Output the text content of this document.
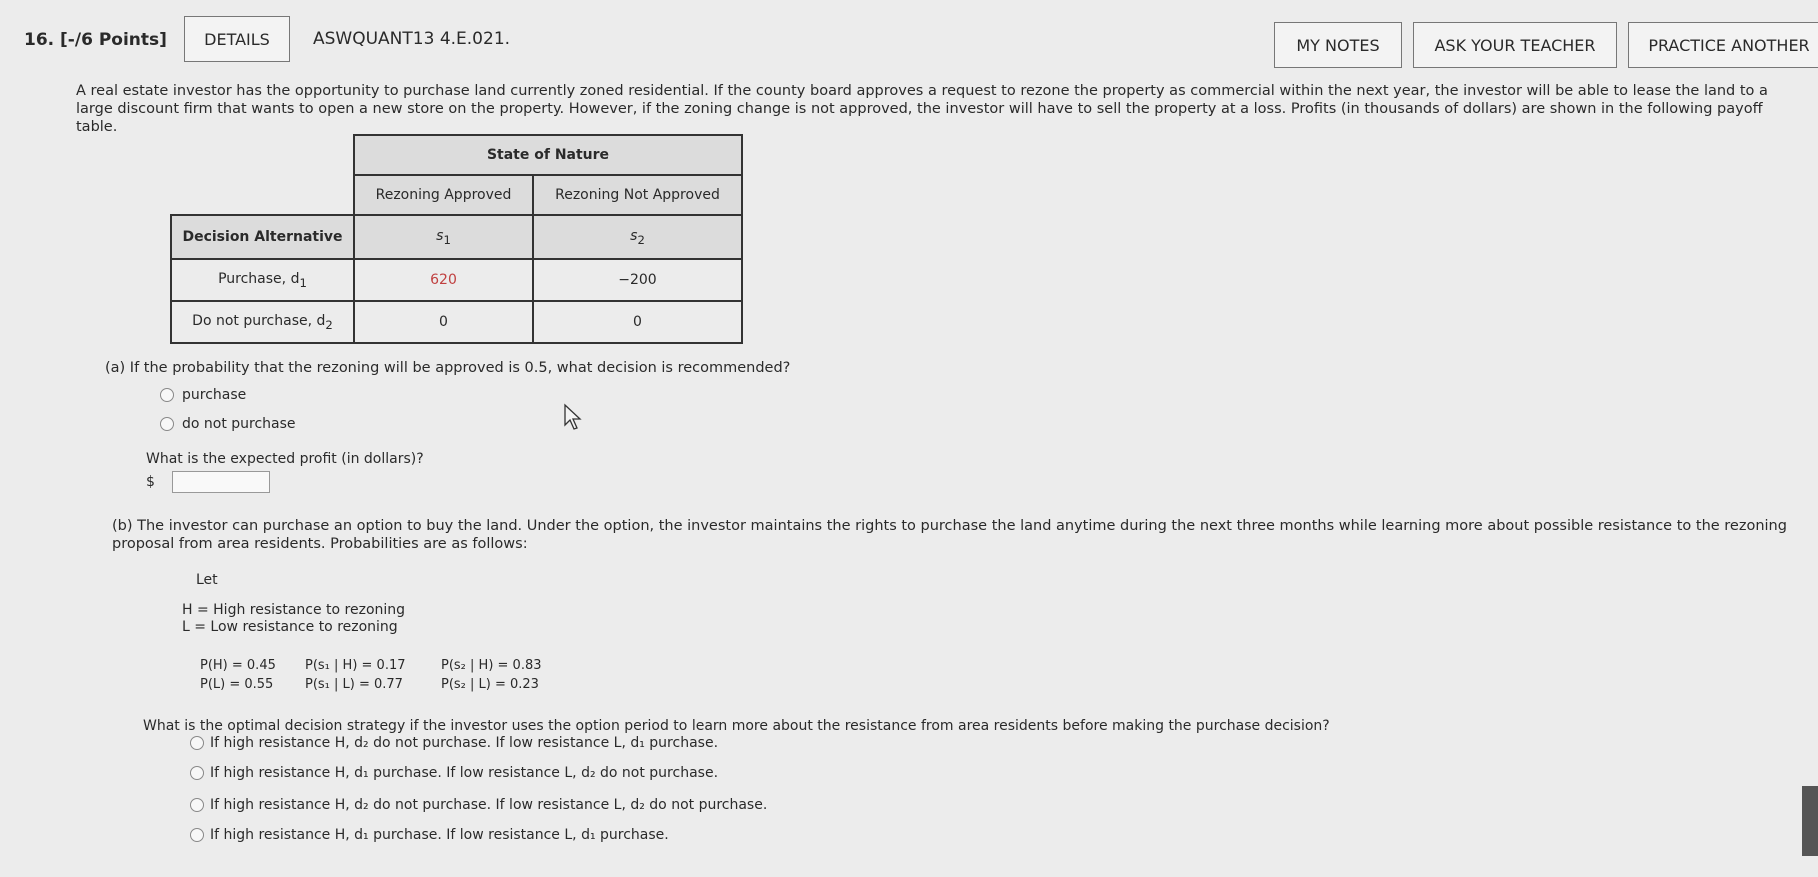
16. [-/6 Points]	DETAILS	ASWQUANT13 4.E.021.	MY NOTES	ASK YOUR TEACHER	PRACTICE ANOTHER
A real estate investor has the opportunity to purchase land currently zoned residential. If the county board approves a request to rezone the property as commercial within the next year, the investor will be able to lease the land to a large discount firm that wants to open a new store on the property. However, if the zoning change is not approved, the investor will have to sell the property at a loss. Profits (in thousands of dollars) are shown in the following payoff table.
	State of Nature	
	Rezoning Approved	Rezoning Not Approved
Decision Alternative	$s_1$	$s_2$
Purchase, $d_1$	620	−200
Do not purchase, $d_2$	0	0
(a) If the probability that the rezoning will be approved is 0.5, what decision is recommended?
purchase
do not purchase
What is the expected profit (in dollars)?
$
(b) The investor can purchase an option to buy the land. Under the option, the investor maintains the rights to purchase the land anytime during the next three months while learning more about possible resistance to the rezoning proposal from area residents. Probabilities are as follows:
Let
H = High resistance to rezoning
L = Low resistance to rezoning
P(H) = 0.45 P(s₁ | H) = 0.17	P(s₂ | H) = 0.83
P(L) = 0.55 P(s₁ | L) = 0.77	P(s₂ | L) = 0.23
What is the optimal decision strategy if the investor uses the option period to learn more about the resistance from area residents before making the purchase decision?
If high resistance H, d₂ do not purchase. If low resistance L, d₁ purchase.
If high resistance H, d₁ purchase. If low resistance L, d₂ do not purchase.
If high resistance H, d₂ do not purchase. If low resistance L, d₂ do not purchase.
If high resistance H, d₁ purchase. If low resistance L, d₁ purchase.
